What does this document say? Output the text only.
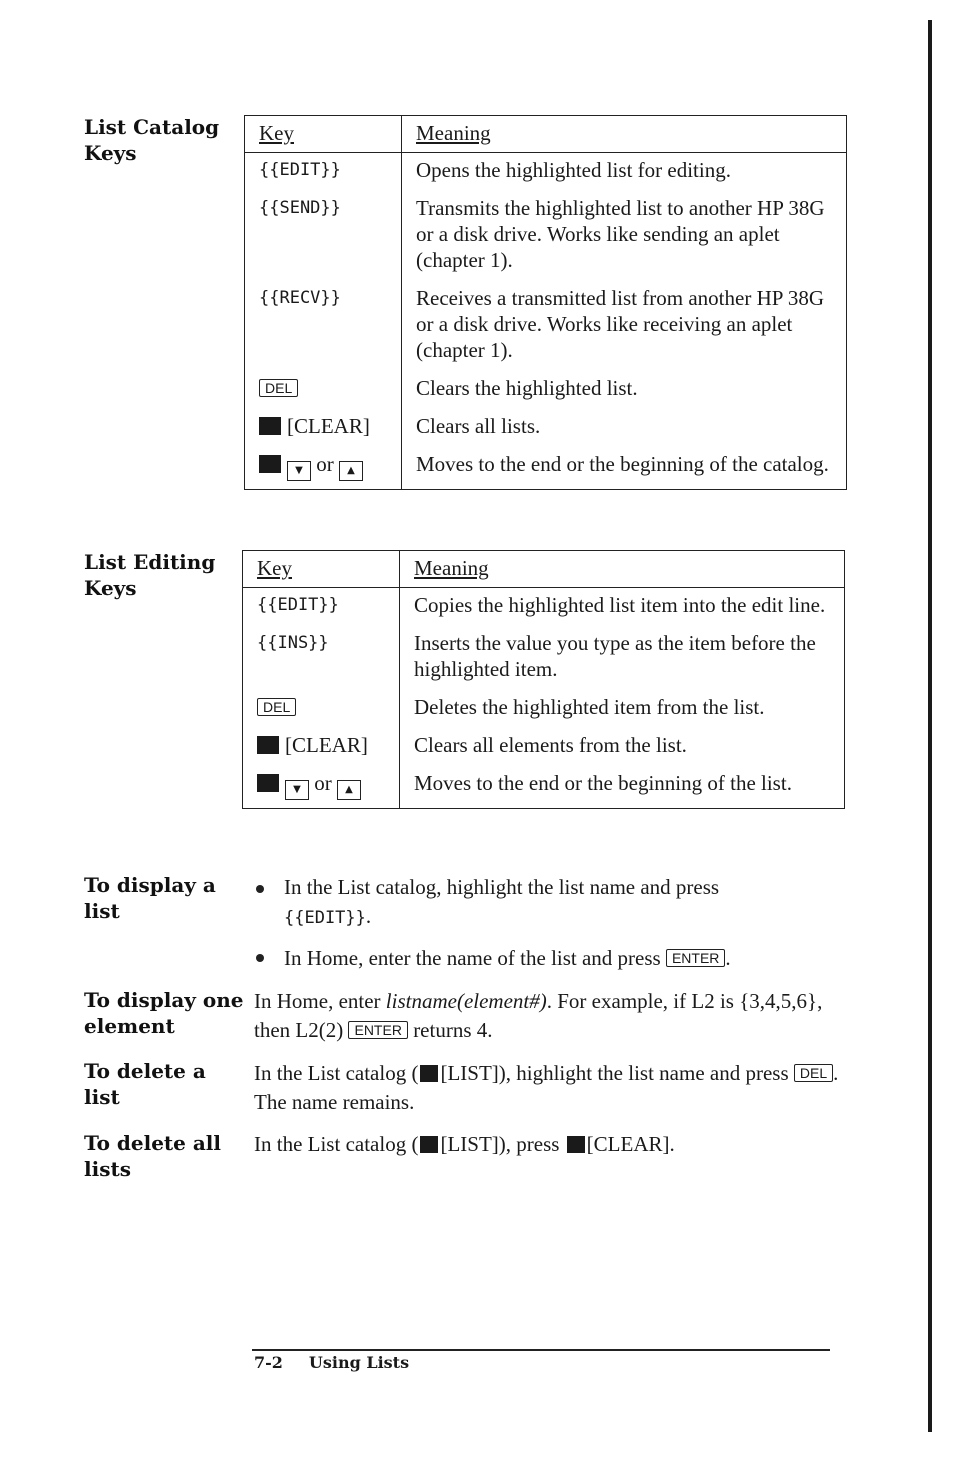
List Catalog Keys
Key	Meaning
{{EDIT}}	Opens the highlighted list for editing.
{{SEND}}	Transmits the highlighted list to another HP 38G or a disk drive. Works like sending an aplet (chapter 1).
{{RECV}}	Receives a transmitted list from another HP 38G or a disk drive. Works like receiving an aplet (chapter 1).
DEL	Clears the highlighted list.
[CLEAR]	Clears all lists.
▼ or ▲	Moves to the end or the beginning of the catalog.
List Editing Keys
Key	Meaning
{{EDIT}}	Copies the highlighted list item into the edit line.
{{INS}}	Inserts the value you type as the item before the highlighted item.
DEL	Deletes the highlighted item from the list.
[CLEAR]	Clears all elements from the list.
▼ or ▲	Moves to the end or the beginning of the list.
To display a list
In the List catalog, highlight the list name and press
{{EDIT}}.
In Home, enter the name of the list and press ENTER .
To display one element
In Home, enter listname(element#). For example, if L2 is {3,4,5,6}, then L2(2) ENTER returns 4.
To delete a list
In the List catalog ( [LIST]), highlight the list name and press DEL . The name remains.
To delete all lists
In the List catalog ( [LIST]), press [CLEAR].
7-2 Using Lists
